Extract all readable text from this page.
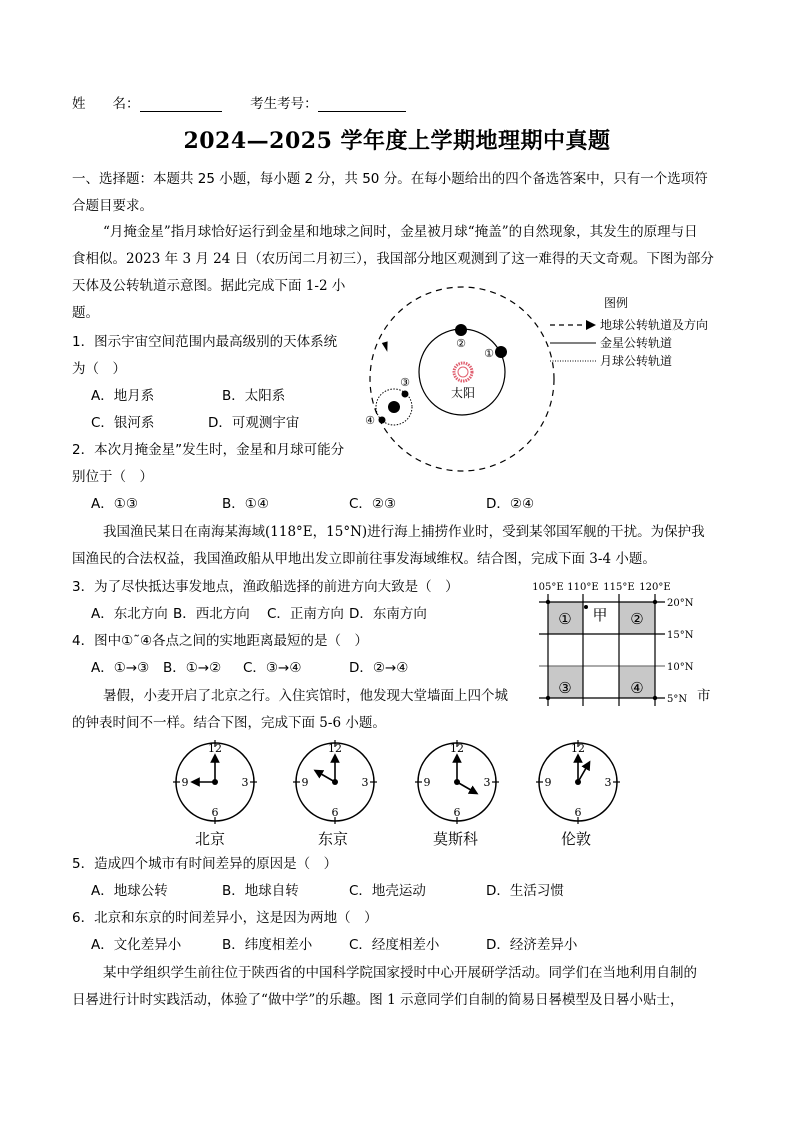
姓　　名：	考生考号：
2024—2025 学年度上学期地理期中真题
一、选择题：本题共 25 小题，每小题 2 分，共 50 分。在每小题给出的四个备选答案中，只有一个选项符
合题目要求。
“月掩金星”指月球恰好运行到金星和地球之间时，金星被月球“掩盖”的自然现象，其发生的原理与日
食相似。2023 年 3 月 24 日（农历闰二月初三），我国部分地区观测到了这一难得的天文奇观。下图为部分
天体及公转轨道示意图。据此完成下面 1-2 小
题。
太阳
②
①
③
④
图例
地球公转轨道及方向
金星公转轨道
月球公转轨道
1．图示宇宙空间范围内最高级别的天体系统
为（　）
A．地月系	B．太阳系
C．银河系	D．可观测宇宙
2．本次月掩金星”发生时，金星和月球可能分
别位于（　）
A．①③	B．①④	C．②③	D．②④
我国渔民某日在南海某海域(118°E，15°N)进行海上捕捞作业时，受到某邻国军舰的干扰。为保护我
国渔民的合法权益，我国渔政船从甲地出发立即前往事发海域维权。结合图，完成下面 3-4 小题。
3．为了尽快抵达事发地点，渔政船选择的前进方向大致是（　）
A．东北方向 B．西北方向 C．正南方向 D．东南方向
4．图中①˜④各点之间的实地距离最短的是（　）
A．①→③ B．①→② C．③→④	D．②→④
105°E 110°E 115°E 120°E
20°N
15°N
10°N
5°N
①	②
③	④
甲
暑假，小麦开启了北京之行。入住宾馆时，他发现大堂墙面上四个城	市
的钟表时间不一样。结合下图，完成下面 5-6 小题。
12
3
6
9
12
3
6
9
12
3
6
9
12
3
6
9
北京	东京	莫斯科	伦敦
5．造成四个城市有时间差异的原因是（　）
A．地球公转	B．地球自转	C．地壳运动	D．生活习惯
6．北京和东京的时间差异小，这是因为两地（　）
A．文化差异小	B．纬度相差小	C．经度相差小	D．经济差异小
某中学组织学生前往位于陕西省的中国科学院国家授时中心开展研学活动。同学们在当地利用自制的
日晷进行计时实践活动，体验了“做中学”的乐趣。图 1 示意同学们自制的简易日晷模型及日晷小贴士，
